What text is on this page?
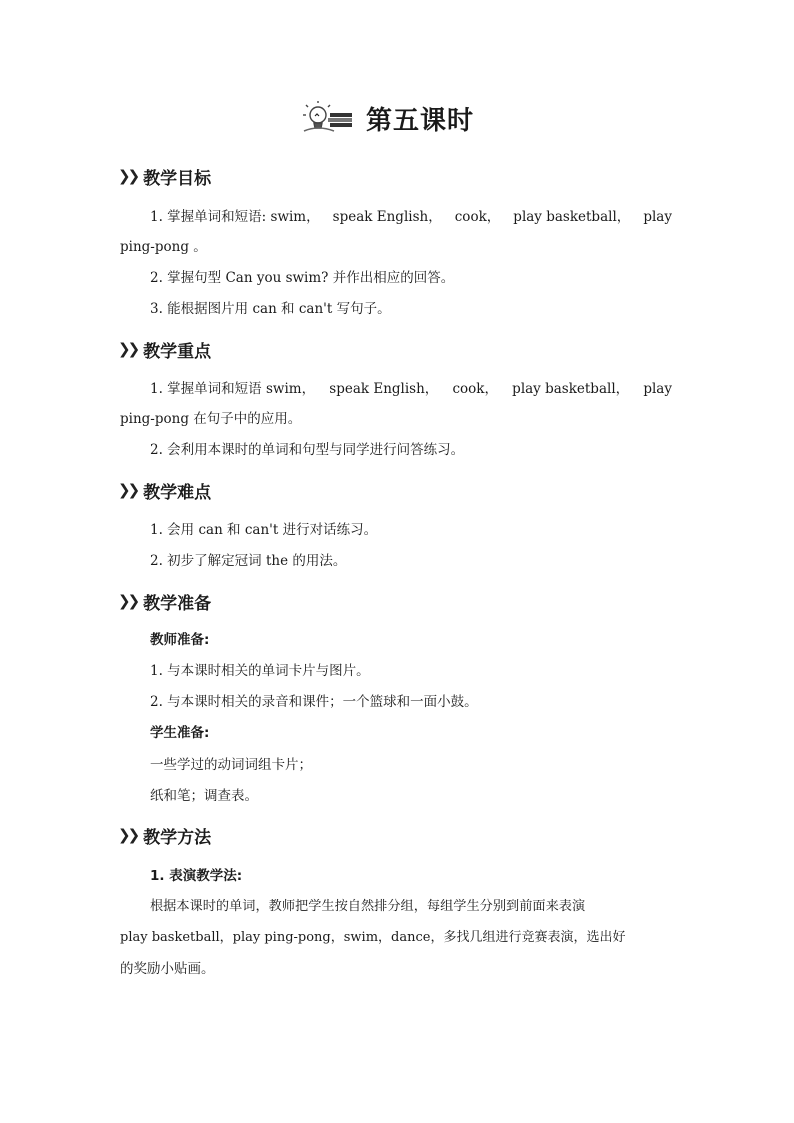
第五课时
❯❯ 教学目标
1. 掌握单词和短语: swim， speak English， cook， play basketball， play
ping-pong 。
2. 掌握句型 Can you swim? 并作出相应的回答。
3. 能根据图片用 can 和 can't 写句子。
❯❯ 教学重点
1. 掌握单词和短语 swim， speak English， cook， play basketball， play
ping-pong 在句子中的应用。
2. 会利用本课时的单词和句型与同学进行问答练习。
❯❯ 教学难点
1. 会用 can 和 can't 进行对话练习。
2. 初步了解定冠词 the 的用法。
❯❯ 教学准备
教师准备:
1. 与本课时相关的单词卡片与图片。
2. 与本课时相关的录音和课件；一个篮球和一面小鼓。
学生准备:
一些学过的动词词组卡片；
纸和笔；调查表。
❯❯ 教学方法
1. 表演教学法:
根据本课时的单词，教师把学生按自然排分组，每组学生分别到前面来表演
play basketball，play ping-pong，swim，dance，多找几组进行竞赛表演，选出好
的奖励小贴画。
